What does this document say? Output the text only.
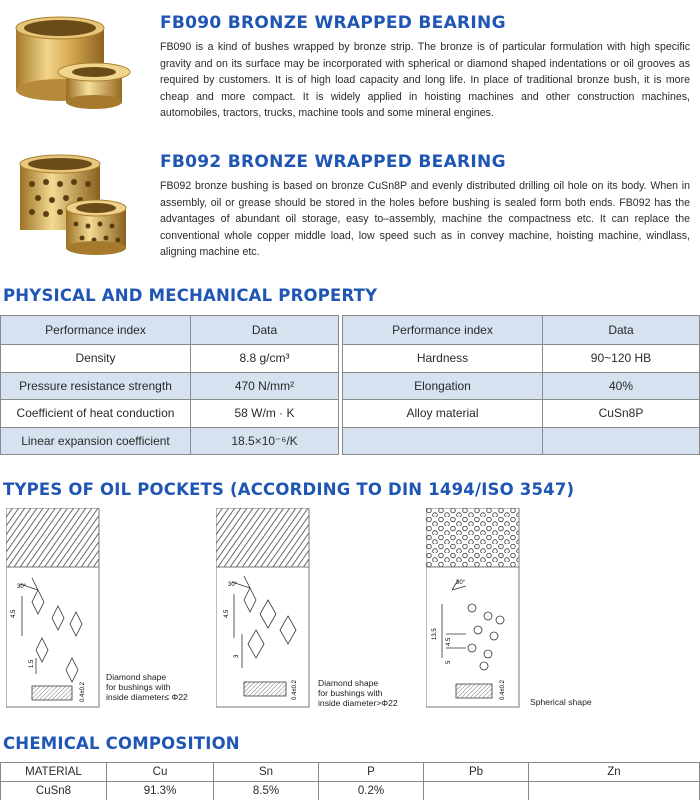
FB090 BRONZE WRAPPED BEARING
FB090 is a kind of bushes wrapped by bronze strip. The bronze is of particular formulation with high specific gravity and on its surface may be incorporated with spherical or diamond shaped indentations or oil grooves as required by customers. It is of high load capacity and long life. In place of traditional bronze bush, it is more cheap and more compact. It is widely applied in hoisting machines and other construction machines, automobiles, tractors, trucks, machine tools and some mineral engines.
FB092 BRONZE WRAPPED BEARING
FB092 bronze bushing is based on bronze CuSn8P and evenly distributed drilling oil hole on its body. When in assembly, oil or grease should be stored in the holes before bushing is sealed form both ends. FB092 has the advantages of abundant oil storage, easy to–assembly, machine the compactness etc. It can replace the conventional whole copper middle load, low speed such as in convey machine, hoisting machine, windlass, aligning machine etc.
PHYSICAL AND MECHANICAL PROPERTY
Performance index	Data		Performance index	Data
Density	8.8 g/cm³		Hardness	90~120 HB
Pressure resistance strength	470 N/mm²		Elongation	40%
Coefficient of heat conduction	58 W/m · K		Alloy material	CuSn8P
Linear expansion coefficient	18.5×10⁻⁶/K			
TYPES OF OIL POCKETS (ACCORDING TO DIN 1494/ISO 3547)
30°
4.5
1.5
0.4±0.2
Diamond shape
for bushings with
inside diameter≤ Φ22
30°
4.5
3
0.4±0.2 Diamond shape
for bushings with
inside diameter>Φ22
30°
13.5
4.5
5
0.4±0.2
Spherical shape
CHEMICAL COMPOSITION
MATERIAL	Cu	Sn	P	Pb	Zn
CuSn8	91.3%	8.5%	0.2%		
